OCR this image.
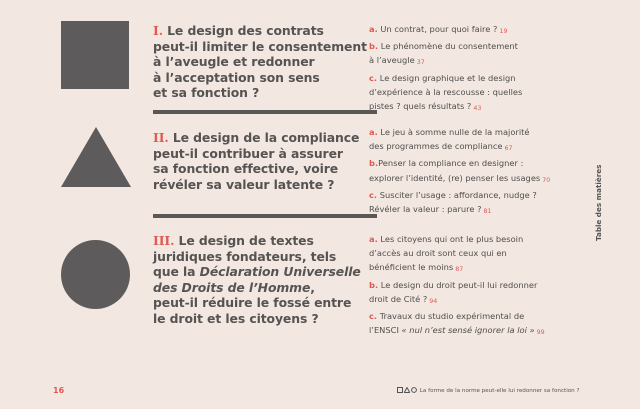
I. Le design des contrats
peut-il limiter le consentement
à l’aveugle et redonner
à l’acceptation son sens
et sa fonction ?
II. Le design de la compliance
peut-il contribuer à assurer
sa fonction effective, voire
révéler sa valeur latente ?
III. Le design de textes
juridiques fondateurs, tels
que la Déclaration Universelle
des Droits de l’Homme,
peut-il réduire le fossé entre
le droit et les citoyens ?
a. Un contrat, pour quoi faire ? 19
b. Le phénomène du consentement
à l’aveugle 37
c. Le design graphique et le design
d’expérience à la rescousse : quelles
pistes ? quels résultats ? 43
a. Le jeu à somme nulle de la majorité
des programmes de compliance 67
b.Penser la compliance en designer :
explorer l’identité, (re) penser les usages 70
c. Susciter l’usage : affordance, nudge ?
Révéler la valeur : parure ? 81
a. Les citoyens qui ont le plus besoin
d’accès au droit sont ceux qui en
bénéficient le moins 87
b. Le design du droit peut-il lui redonner
droit de Cité ? 94
c. Travaux du studio expérimental de
l’ENSCI « nul n’est sensé ignorer la loi » 99
Table des matières
16	La forme de la norme peut-elle lui redonner sa fonction ?
